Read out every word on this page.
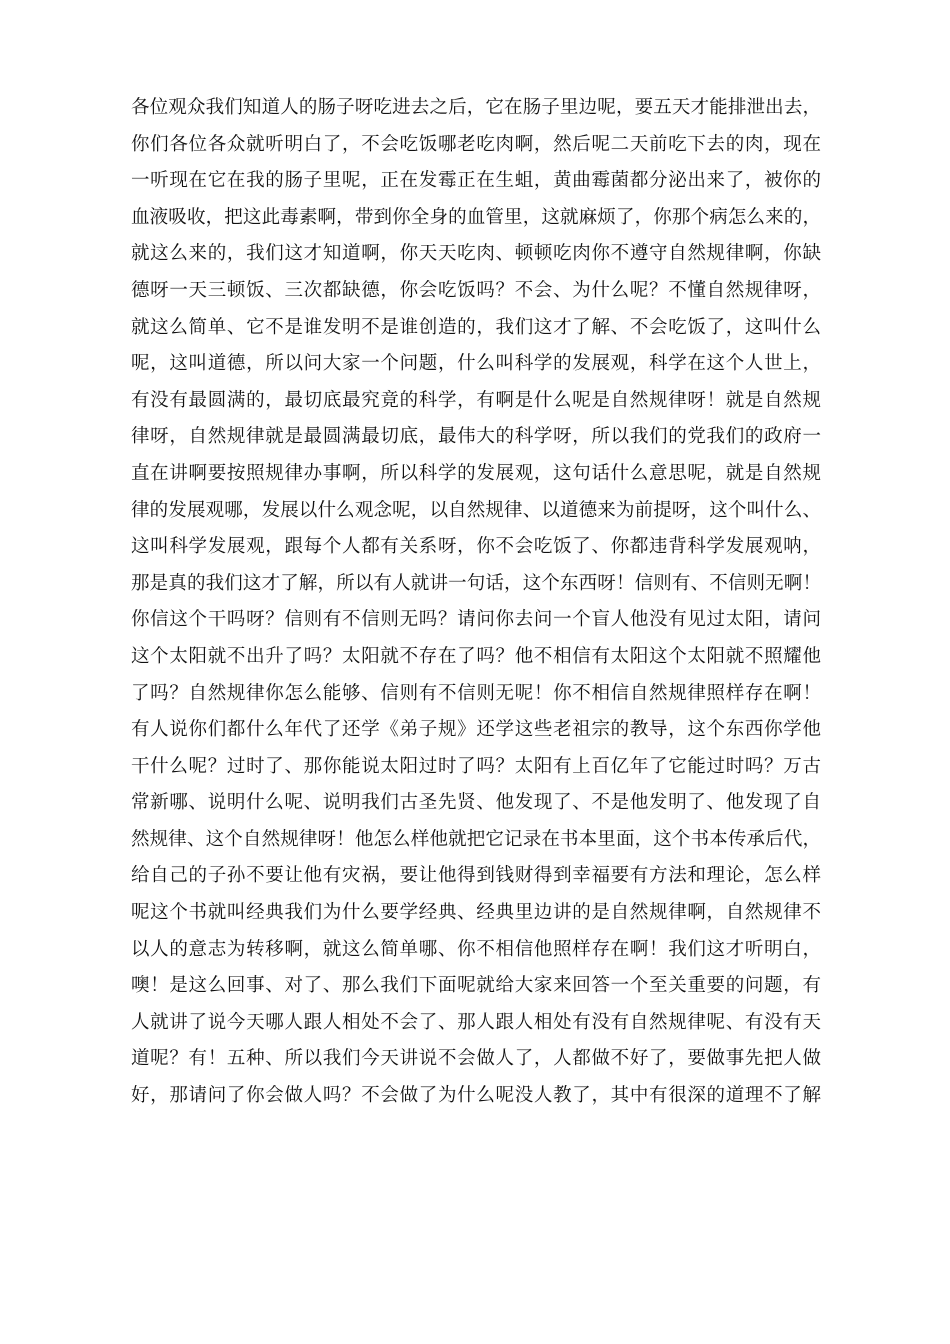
各位观众我们知道人的肠子呀吃进去之后，它在肠子里边呢，要五天才能排泄出去，
你们各位各众就听明白了，不会吃饭哪老吃肉啊，然后呢二天前吃下去的肉，现在
一听现在它在我的肠子里呢，正在发霉正在生蛆，黄曲霉菌都分泌出来了，被你的
血液吸收，把这此毒素啊，带到你全身的血管里，这就麻烦了，你那个病怎么来的，
就这么来的，我们这才知道啊，你天天吃肉、顿顿吃肉你不遵守自然规律啊，你缺
德呀一天三顿饭、三次都缺德，你会吃饭吗？不会、为什么呢？不懂自然规律呀，
就这么简单、它不是谁发明不是谁创造的，我们这才了解、不会吃饭了，这叫什么
呢，这叫道德，所以问大家一个问题，什么叫科学的发展观，科学在这个人世上，
有没有最圆满的，最切底最究竟的科学，有啊是什么呢是自然规律呀！就是自然规
律呀，自然规律就是最圆满最切底，最伟大的科学呀，所以我们的党我们的政府一
直在讲啊要按照规律办事啊，所以科学的发展观，这句话什么意思呢，就是自然规
律的发展观哪，发展以什么观念呢，以自然规律、以道德来为前提呀，这个叫什么、
这叫科学发展观，跟每个人都有关系呀，你不会吃饭了、你都违背科学发展观呐，
那是真的我们这才了解，所以有人就讲一句话，这个东西呀！信则有、不信则无啊！
你信这个干吗呀？信则有不信则无吗？请问你去问一个盲人他没有见过太阳，请问
这个太阳就不出升了吗？太阳就不存在了吗？他不相信有太阳这个太阳就不照耀他
了吗？自然规律你怎么能够、信则有不信则无呢！你不相信自然规律照样存在啊！
有人说你们都什么年代了还学《弟子规》还学这些老祖宗的教导，这个东西你学他
干什么呢？过时了、那你能说太阳过时了吗？太阳有上百亿年了它能过时吗？万古
常新哪、说明什么呢、说明我们古圣先贤、他发现了、不是他发明了、他发现了自
然规律、这个自然规律呀！他怎么样他就把它记录在书本里面，这个书本传承后代，
给自己的子孙不要让他有灾祸，要让他得到钱财得到幸福要有方法和理论，怎么样
呢这个书就叫经典我们为什么要学经典、经典里边讲的是自然规律啊，自然规律不
以人的意志为转移啊，就这么简单哪、你不相信他照样存在啊！我们这才听明白，
噢！是这么回事、对了、那么我们下面呢就给大家来回答一个至关重要的问题，有
人就讲了说今天哪人跟人相处不会了、那人跟人相处有没有自然规律呢、有没有天
道呢？有！五种、所以我们今天讲说不会做人了，人都做不好了，要做事先把人做
好，那请问了你会做人吗？不会做了为什么呢没人教了，其中有很深的道理不了解
